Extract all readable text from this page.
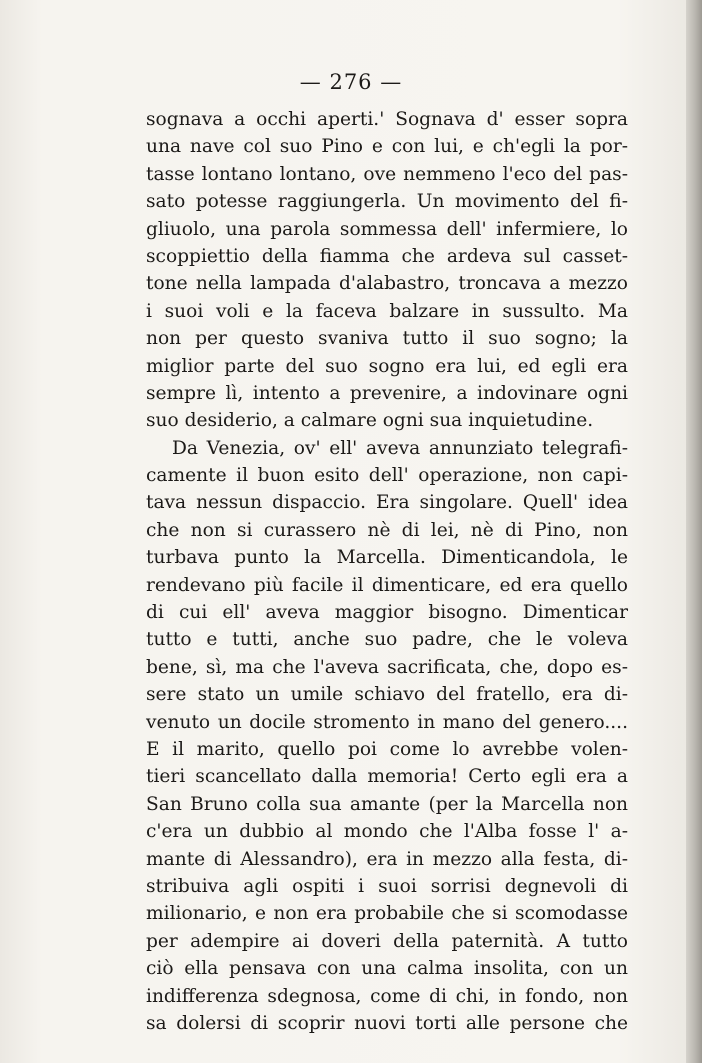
— 276 —
sognava a occhi aperti.' Sognava d' esser sopra
una nave col suo Pino e con lui, e ch'egli la por-
tasse lontano lontano, ove nemmeno l'eco del pas-
sato potesse raggiungerla. Un movimento del fi-
gliuolo, una parola sommessa dell' infermiere, lo
scoppiettio della fiamma che ardeva sul casset-
tone nella lampada d'alabastro, troncava a mezzo
i suoi voli e la faceva balzare in sussulto. Ma
non per questo svaniva tutto il suo sogno; la
miglior parte del suo sogno era lui, ed egli era
sempre lì, intento a prevenire, a indovinare ogni
suo desiderio, a calmare ogni sua inquietudine.
Da Venezia, ov' ell' aveva annunziato telegrafi-
camente il buon esito dell' operazione, non capi-
tava nessun dispaccio. Era singolare. Quell' idea
che non si curassero nè di lei, nè di Pino, non
turbava punto la Marcella. Dimenticandola, le
rendevano più facile il dimenticare, ed era quello
di cui ell' aveva maggior bisogno. Dimenticar
tutto e tutti, anche suo padre, che le voleva
bene, sì, ma che l'aveva sacrificata, che, dopo es-
sere stato un umile schiavo del fratello, era di-
venuto un docile stromento in mano del genero....
E il marito, quello poi come lo avrebbe volen-
tieri scancellato dalla memoria! Certo egli era a
San Bruno colla sua amante (per la Marcella non
c'era un dubbio al mondo che l'Alba fosse l' a-
mante di Alessandro), era in mezzo alla festa, di-
stribuiva agli ospiti i suoi sorrisi degnevoli di
milionario, e non era probabile che si scomodasse
per adempire ai doveri della paternità. A tutto
ciò ella pensava con una calma insolita, con un
indifferenza sdegnosa, come di chi, in fondo, non
sa dolersi di scoprir nuovi torti alle persone che
